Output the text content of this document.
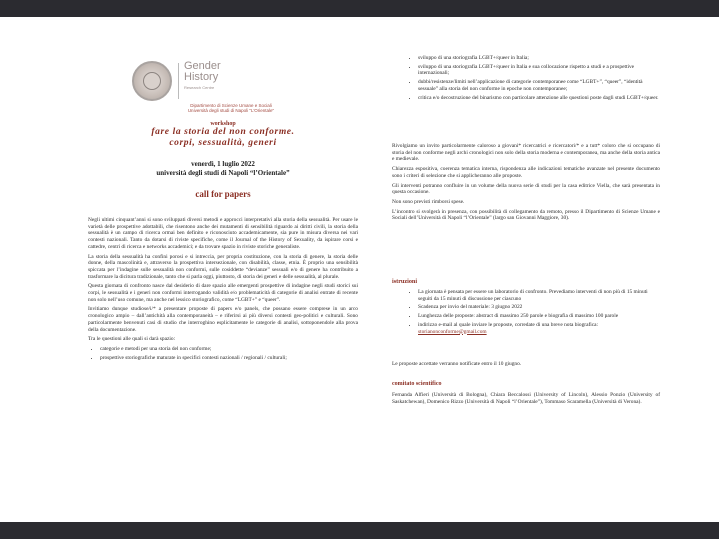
Gender
History
Research Centre
Dipartimento di Scienze Umane e Sociali
Università degli studi di Napoli "L'Orientale"
workshop
fare la storia del non conforme.
corpi, sessualità, generi
venerdì, 1 luglio 2022
università degli studi di Napoli “l’Orientale”
call for papers

Negli ultimi cinquant’anni si sono sviluppati diversi metodi e approcci interpretativi alla storia della sessualità. Per usare le varietà delle prospettive adottabili, che risentono anche dei mutamenti di sensibilità riguardo ai diritti civili, la storia della sessualità è un campo di ricerca ormai ben definito e riconosciuto accademicamente, sia pure in misura diversa nei vari contesti nazionali. Tanto da dotarsi di riviste specifiche, come il Journal of the History of Sexuality, da ispirare corsi e cattedre, centri di ricerca e networks accademici; e da trovare spazio in riviste storiche generaliste.

La storia della sessualità ha confini porosi e si intreccia, per propria costituzione, con la storia di genere, la storia delle donne, della mascolinità e, attraverso la prospettiva intersezionale, con disabilità, classe, etnia. È proprio una sensibilità spiccata per l’indagine sulle sessualità non conformi, sulle cosiddette “devianze” sessuali e/o di genere ha contribuito a trasformare la dicitura tradizionale, tanto che si parla oggi, piuttosto, di storia dei generi e delle sessualità, al plurale.

Questa giornata di confronto nasce dal desiderio di dare spazio alle emergenti prospettive di indagine negli studi storici sui corpi, le sessualità e i generi non conformi interrogando validità e/o problematicità di categorie di analisi entrate di recente non solo nell’uso comune, ma anche nel lessico storiografico, come “LGBT+” e “queer”.

Invitiamo dunque studiose/i/* a presentare proposte di papers e/o panels, che possano essere comprese in un arco cronologico ampio – dall’antichità alla contemporaneità – e riferirsi ai più diversi contesti geo-politici e culturali. Sono particolarmente benvenuti casi di studio che interroghino esplicitamente le categorie di analisi, sottoponendole alla prova della documentazione.

Tra le questioni alle quali si darà spazio:

• categorie e metodi per una storia del non conforme;
• prospettive storiografiche maturate in specifici contesti nazionali / regionali / culturali;
• sviluppo di una storiografia LGBT+/queer in Italia;
• sviluppo di una storiografia LGBT+/queer in Italia e sua collocazione rispetto a studi e a prospettive internazionali;
• dubbi/resistenze/limiti nell’applicazione di categorie contemporanee come “LGBT+”, “queer”, “identità sessuale” alla storia del non conforme in epoche non contemporanee;
• critica e/o decostruzione del binarismo con particolare attenzione alle questioni poste dagli studi LGBT+/queer.

Rivolgiamo un invito particolarmente caloroso a giovani* ricercatrici e ricercatori/* e a tutt* coloro che si occupano di storia del non conforme negli archi cronologici non solo della storia moderna e contemporanea, ma anche della storia antica e medievale.

Chiarezza espositiva, coerenza tematica interna, rispondenza alle indicazioni tematiche avanzate nel presente documento sono i criteri di selezione che si applicheranno alle proposte.

Gli interventi potranno confluire in un volume della nuova serie di studi per la casa editrice Viella, che sarà presentata in questa occasione.

Non sono previsti rimborsi spese.

L’incontro si svolgerà in presenza, con possibilità di collegamento da remoto, presso il Dipartimento di Scienze Umane e Sociali dell’Università di Napoli “l’Orientale” (largo san Giovanni Maggiore, 30).

istruzioni
• La giornata è pensata per essere un laboratorio di confronto. Prevediamo interventi di non più di 15 minuti seguiti da 15 minuti di discussione per ciascuno
• Scadenza per invio del materiale: 3 giugno 2022
• Lunghezza delle proposte: abstract di massimo 250 parole e biografia di massimo 100 parole
• indirizzo e-mail al quale inviare le proposte, corredate di una breve nota biografica: storianonconforme@gmail.com

Le proposte accettate verranno notificate entro il 10 giugno.

comitato scientifico

Fernanda Alfieri (Università di Bologna), Chiara Beccalossi (University of Lincoln), Alessio Ponzio (University of Saskatchewan), Domenico Rizzo (Università di Napoli “l’Orientale”), Tommaso Scaramella (Università di Verona).
